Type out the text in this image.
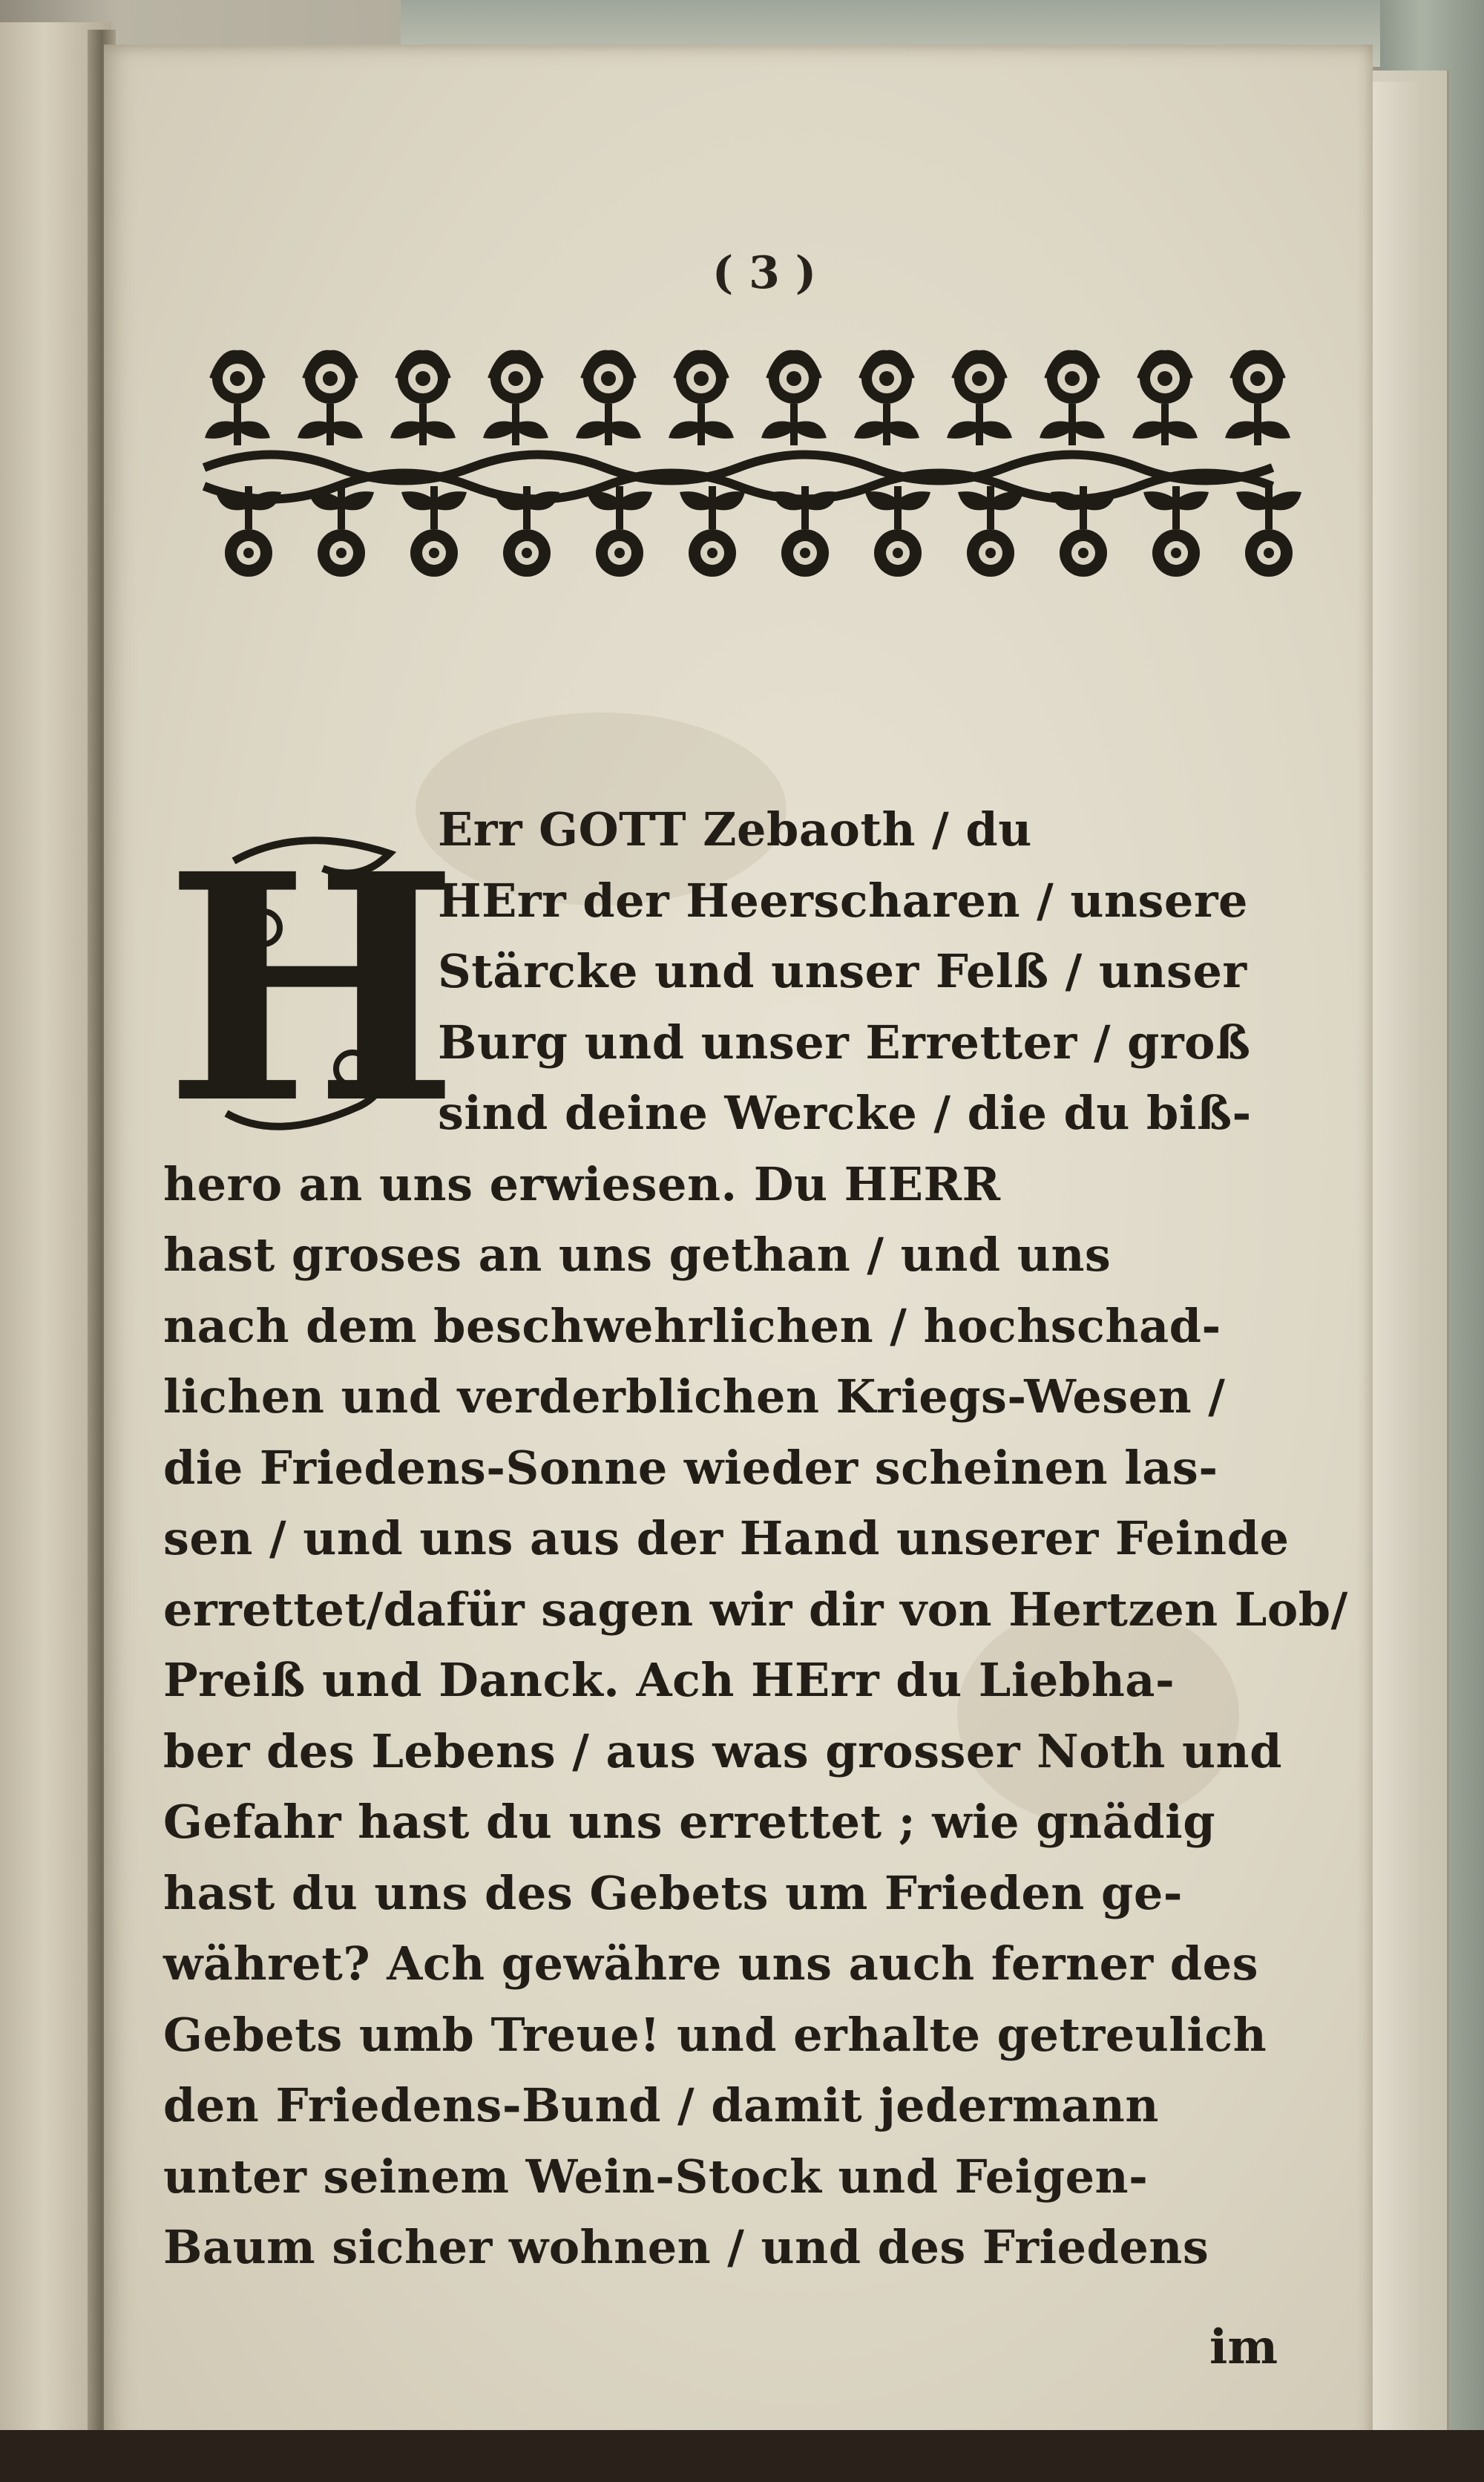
( 3 )
H
Err GOTT Zebaoth / du
HErr der Heerscharen / unsere
Stärcke und unser Felß / unser
Burg und unser Erretter / groß
sind deine Wercke / die du biß-
hero an uns erwiesen. Du HERR
hast groses an uns gethan / und uns
nach dem beschwehrlichen / hochschad-
lichen und verderblichen Kriegs-Wesen /
die Friedens-Sonne wieder scheinen las-
sen / und uns aus der Hand unserer Feinde
errettet/dafür sagen wir dir von Hertzen Lob/
Preiß und Danck. Ach HErr du Liebha-
ber des Lebens / aus was grosser Noth und
Gefahr hast du uns errettet ; wie gnädig
hast du uns des Gebets um Frieden ge-
währet? Ach gewähre uns auch ferner des
Gebets umb Treue! und erhalte getreulich
den Friedens-Bund / damit jedermann
unter seinem Wein-Stock und Feigen-
Baum sicher wohnen / und des Friedens
im
